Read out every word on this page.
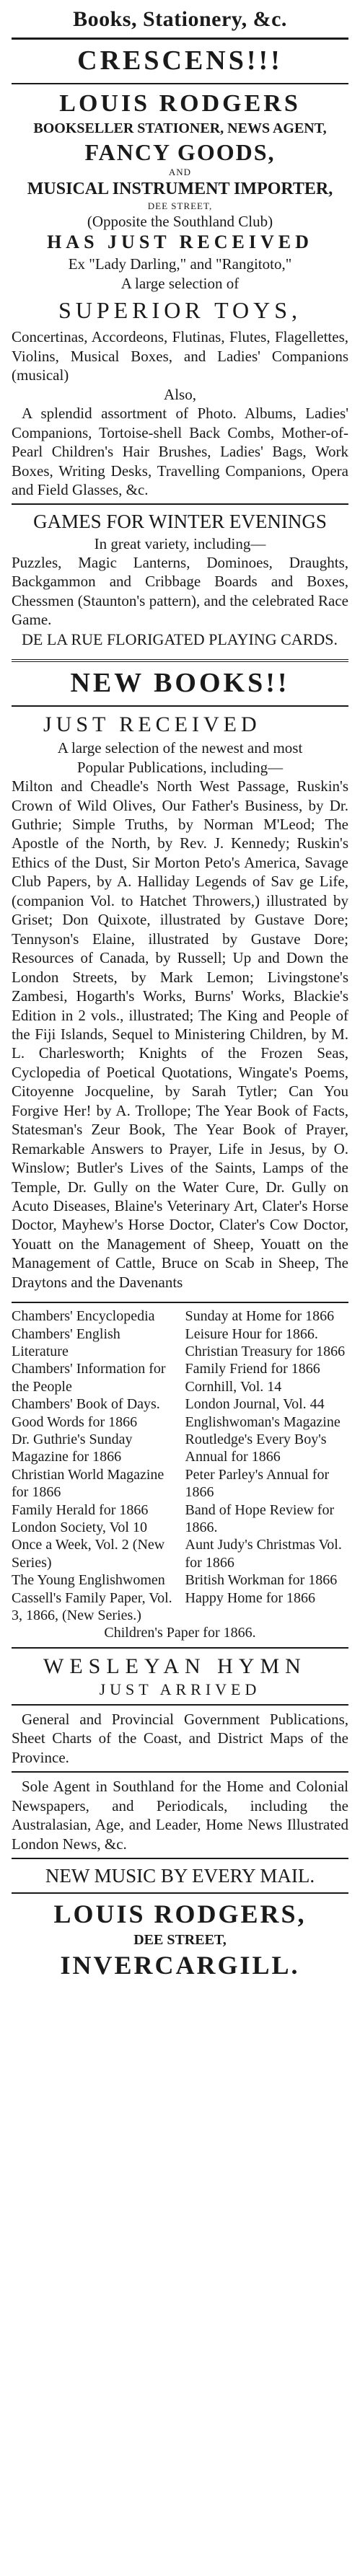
Books, Stationery, &c.
CRESCENS!!!
LOUIS RODGERS
BOOKSELLER STATIONER, NEWS AGENT,
FANCY GOODS,
AND
MUSICAL INSTRUMENT IMPORTER,
DEE STREET,
(Opposite the Southland Club)
HAS JUST RECEIVED
Ex "Lady Darling," and "Rangitoto,"
A large selection of
SUPERIOR TOYS,

Concertinas, Accordeons, Flutinas, Flutes, Flagellettes, Violins, Musical Boxes, and Ladies' Companions (musical)

Also,

A splendid assortment of Photo. Albums, Ladies' Companions, Tortoise-shell Back Combs, Mother-of-Pearl Children's Hair Brushes, Ladies' Bags, Work Boxes, Writing Desks, Travelling Companions, Opera and Field Glasses, &c.

GAMES FOR WINTER EVENINGS
In great variety, including—

Puzzles, Magic Lanterns, Dominoes, Draughts, Backgammon and Cribbage Boards and Boxes, Chessmen (Staunton's pattern), and the celebrated Race Game.

DE LA RUE FLORIGATED PLAYING CARDS.

NEW BOOKS!!
JUST RECEIVED
A large selection of the newest and most
Popular Publications, including—

Milton and Cheadle's North West Passage, Ruskin's Crown of Wild Olives, Our Father's Business, by Dr. Guthrie; Simple Truths, by Norman M'Leod; The Apostle of the North, by Rev. J. Kennedy; Ruskin's Ethics of the Dust, Sir Morton Peto's America, Savage Club Papers, by A. Halliday Legends of Sav ge Life, (companion Vol. to Hatchet Throwers,) illustrated by Griset; Don Quixote, illustrated by Gustave Dore; Tennyson's Elaine, illustrated by Gustave Dore; Resources of Canada, by Russell; Up and Down the London Streets, by Mark Lemon; Livingstone's Zambesi, Hogarth's Works, Burns' Works, Blackie's Edition in 2 vols., illustrated; The King and People of the Fiji Islands, Sequel to Ministering Children, by M. L. Charlesworth; Knights of the Frozen Seas, Cyclopedia of Poetical Quotations, Wingate's Poems, Citoyenne Jocqueline, by Sarah Tytler; Can You Forgive Her! by A. Trollope; The Year Book of Facts, Statesman's Zeur Book, The Year Book of Prayer, Remarkable Answers to Prayer, Life in Jesus, by O. Winslow; Butler's Lives of the Saints, Lamps of the Temple, Dr. Gully on the Water Cure, Dr. Gully on Acuto Diseases, Blaine's Veterinary Art, Clater's Horse Doctor, Mayhew's Horse Doctor, Clater's Cow Doctor, Youatt on the Management of Sheep, Youatt on the Management of Cattle, Bruce on Scab in Sheep, The Draytons and the Davenants

Chambers' Encyclopedia

Chambers' English Literature

Chambers' Information for the People

Chambers' Book of Days.

Good Words for 1866

Dr. Guthrie's Sunday Magazine for 1866

Christian World Magazine for 1866

Family Herald for 1866

London Society, Vol 10

Once a Week, Vol. 2 (New Series)

The Young Englishwomen

Cassell's Family Paper, Vol. 3, 1866, (New Series.)

Sunday at Home for 1866

Leisure Hour for 1866.

Christian Treasury for 1866

Family Friend for 1866

Cornhill, Vol. 14

London Journal, Vol. 44

Englishwoman's Magazine

Routledge's Every Boy's Annual for 1866

Peter Parley's Annual for 1866

Band of Hope Review for 1866.

Aunt Judy's Christmas Vol. for 1866

British Workman for 1866

Happy Home for 1866

Children's Paper for 1866.
WESLEYAN HYMN
JUST ARRIVED

General and Provincial Government Publications, Sheet Charts of the Coast, and District Maps of the Province.

Sole Agent in Southland for the Home and Colonial Newspapers, and Periodicals, including the Australasian, Age, and Leader, Home News Illustrated London News, &c.

NEW MUSIC BY EVERY MAIL.
LOUIS RODGERS,
DEE STREET,
INVERCARGILL.
